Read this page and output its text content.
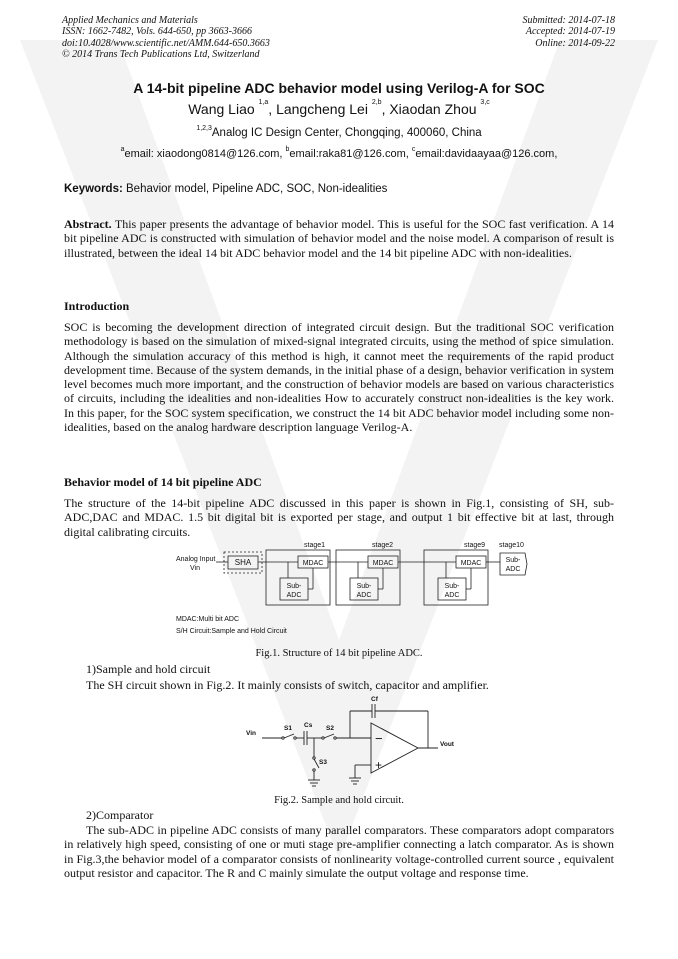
Applied Mechanics and Materials
ISSN: 1662-7482, Vols. 644-650, pp 3663-3666
doi:10.4028/www.scientific.net/AMM.644-650.3663
© 2014 Trans Tech Publications Ltd, Switzerland
Submitted: 2014-07-18
Accepted: 2014-07-19
Online: 2014-09-22
A 14-bit pipeline ADC behavior model using Verilog-A for SOC
Wang Liao $^{1,a}$, Langcheng Lei $^{2,b}$, Xiaodan Zhou $^{3,c}$
$^{1,2,3}$Analog IC Design Center, Chongqing, 400060, China
$^a$email: xiaodong0814@126.com, $^b$email:raka81@126.com, $^c$email:davidaayaa@126.com,
Keywords: Behavior model, Pipeline ADC, SOC, Non-idealities
Abstract. This paper presents the advantage of behavior model. This is useful for the SOC fast verification. A 14 bit pipeline ADC is constructed with simulation of behavior model and the noise model. A comparison of result is illustrated, between the ideal 14 bit ADC behavior model and the 14 bit pipeline ADC with non-idealities.
Introduction
SOC is becoming the development direction of integrated circuit design. But the traditional SOC verification methodology is based on the simulation of mixed-signal integrated circuits, using the method of spice simulation. Although the simulation accuracy of this method is high, it cannot meet the requirements of the rapid product development time. Because of the system demands, in the initial phase of a design, behavior verification in system level becomes much more important, and the construction of behavior models are based on various characteristics of circuits, including the idealities and non-idealities How to accurately construct non-idealities is the key work. In this paper, for the SOC system specification, we construct the 14 bit ADC behavior model including some non-idealities, based on the analog hardware description language Verilog-A.
Behavior model of 14 bit pipeline ADC
The structure of the 14-bit pipeline ADC discussed in this paper is shown in Fig.1, consisting of SH, sub-ADC,DAC and MDAC. 1.5 bit digital bit is exported per stage, and output 1 bit effective bit at last, through digital calibrating circuits.
Analog Input
Vin
SHA	MDAC	MDAC	MDAC
Sub-
ADC
Sub-
ADC
Sub-
ADC
Sub-
ADC
stage1	stage2	stage9 stage10
MDAC:Multi bit ADC
S/H Circuit:Sample and Hold Circuit
Fig.1. Structure of 14 bit pipeline ADC.
1)Sample and hold circuit
The SH circuit shown in Fig.2. It mainly consists of switch, capacitor and amplifier.
Vin
S1 Cs S2
S3
Cf
Vout
−
+
Fig.2. Sample and hold circuit.
2)Comparator
The sub-ADC in pipeline ADC consists of many parallel comparators. These comparators adopt comparators in relatively high speed, consisting of one or muti stage pre-amplifier connecting a latch comparator. As is shown in Fig.3,the behavior model of a comparator consists of nonlinearity voltage-controlled current source , equivalent output resistor and capacitor. The R and C mainly simulate the output voltage and response time.
